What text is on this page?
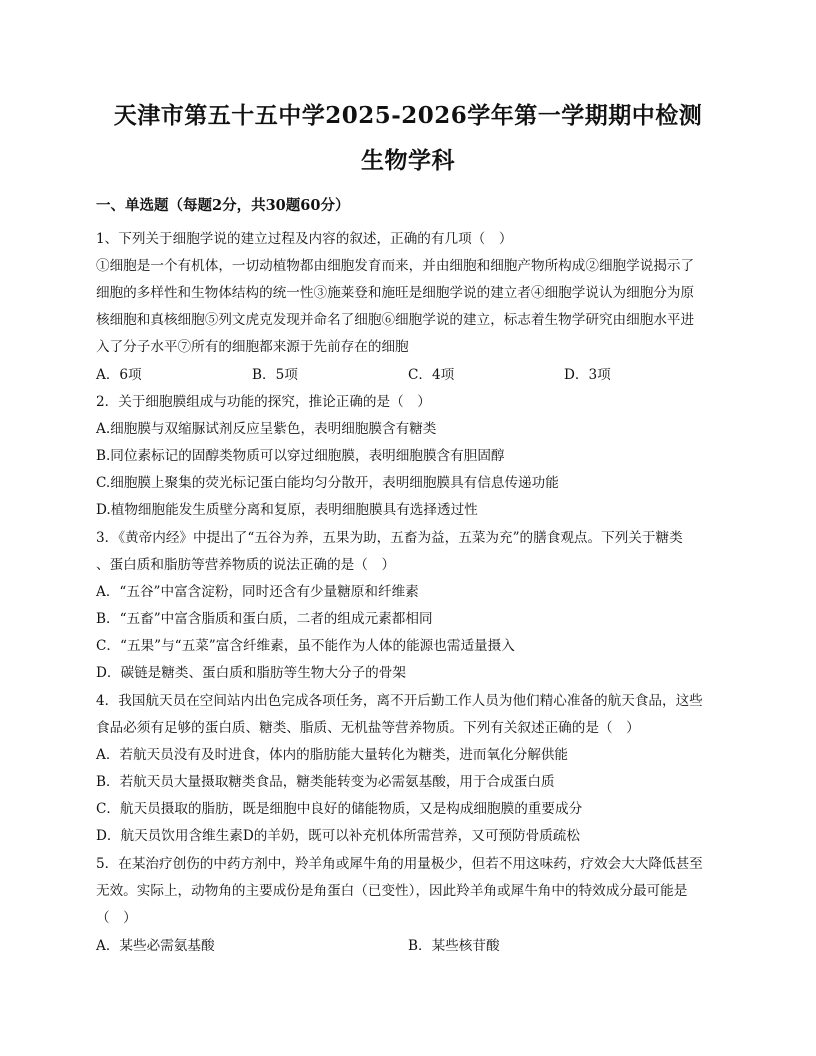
天津市第五十五中学2025-2026学年第一学期期中检测
生物学科
一、单选题（每题2分，共30题60分）
1、下列关于细胞学说的建立过程及内容的叙述，正确的有几项（　）
①细胞是一个有机体，一切动植物都由细胞发育而来，并由细胞和细胞产物所构成②细胞学说揭示了
细胞的多样性和生物体结构的统一性③施莱登和施旺是细胞学说的建立者④细胞学说认为细胞分为原
核细胞和真核细胞⑤列文虎克发现并命名了细胞⑥细胞学说的建立，标志着生物学研究由细胞水平进
入了分子水平⑦所有的细胞都来源于先前存在的细胞
A．6项	B．5项	C．4项	D．3项
2．关于细胞膜组成与功能的探究，推论正确的是（　）
A.细胞膜与双缩脲试剂反应呈紫色，表明细胞膜含有糖类
B.同位素标记的固醇类物质可以穿过细胞膜，表明细胞膜含有胆固醇
C.细胞膜上聚集的荧光标记蛋白能均匀分散开，表明细胞膜具有信息传递功能
D.植物细胞能发生质壁分离和复原，表明细胞膜具有选择透过性
3．《黄帝内经》中提出了“五谷为养，五果为助，五畜为益，五菜为充”的膳食观点。下列关于糖类
、蛋白质和脂肪等营养物质的说法正确的是（　）
A．“五谷”中富含淀粉，同时还含有少量糖原和纤维素
B．“五畜”中富含脂质和蛋白质，二者的组成元素都相同
C．“五果”与“五菜”富含纤维素，虽不能作为人体的能源也需适量摄入
D．碳链是糖类、蛋白质和脂肪等生物大分子的骨架
4．我国航天员在空间站内出色完成各项任务，离不开后勤工作人员为他们精心准备的航天食品，这些
食品必须有足够的蛋白质、糖类、脂质、无机盐等营养物质。下列有关叙述正确的是（　）
A．若航天员没有及时进食，体内的脂肪能大量转化为糖类，进而氧化分解供能
B．若航天员大量摄取糖类食品，糖类能转变为必需氨基酸，用于合成蛋白质
C．航天员摄取的脂肪，既是细胞中良好的储能物质，又是构成细胞膜的重要成分
D．航天员饮用含维生素D的羊奶，既可以补充机体所需营养，又可预防骨质疏松
5．在某治疗创伤的中药方剂中，羚羊角或犀牛角的用量极少，但若不用这味药，疗效会大大降低甚至
无效。实际上，动物角的主要成份是角蛋白（已变性），因此羚羊角或犀牛角中的特效成分最可能是
（　）
A．某些必需氨基酸	B．某些核苷酸
